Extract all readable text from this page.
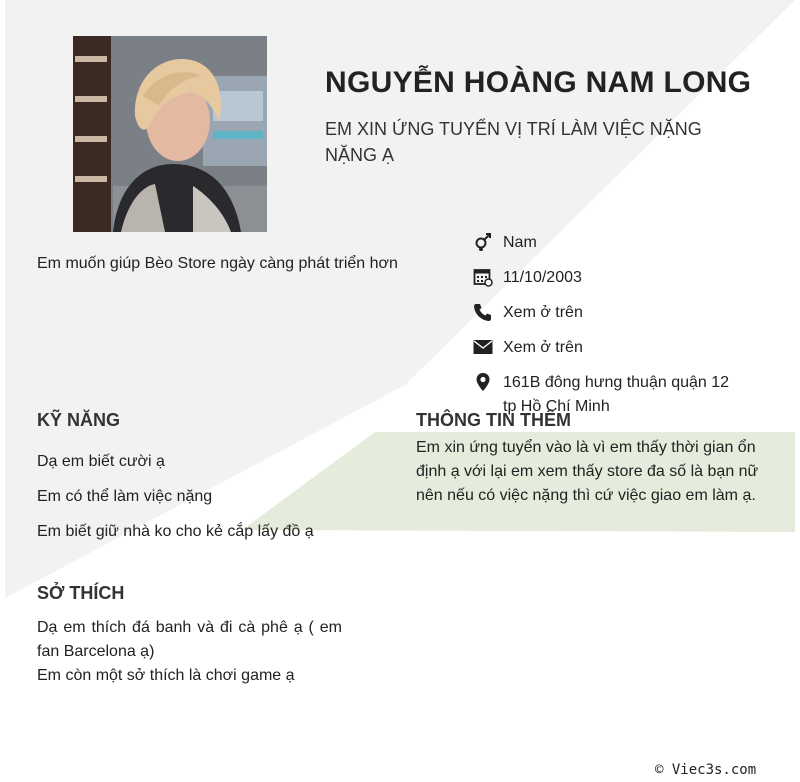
NGUYỄN HOÀNG NAM LONG
EM XIN ỨNG TUYỂN VỊ TRÍ LÀM VIỆC NẶNG NẶNG Ạ
Em muốn giúp Bèo Store ngày càng phát triển hơn
Nam
11/10/2003
Xem ở trên
Xem ở trên
161B đông hưng thuận quận 12 tp Hồ Chí Minh
KỸ NĂNG
Dạ em biết cười ạ
Em có thể làm việc nặng
Em biết giữ nhà ko cho kẻ cắp lấy đồ ạ
SỞ THÍCH
Dạ em thích đá banh và đi cà phê ạ ( em fan Barcelona ạ)
Em còn một sở thích là chơi game ạ
THÔNG TIN THÊM
Em xin ứng tuyển vào là vì em thấy thời gian ổn định ạ với lại em xem thấy store đa số là bạn nữ nên nếu có việc nặng thì cứ việc giao em làm ạ.
© Viec3s.com
